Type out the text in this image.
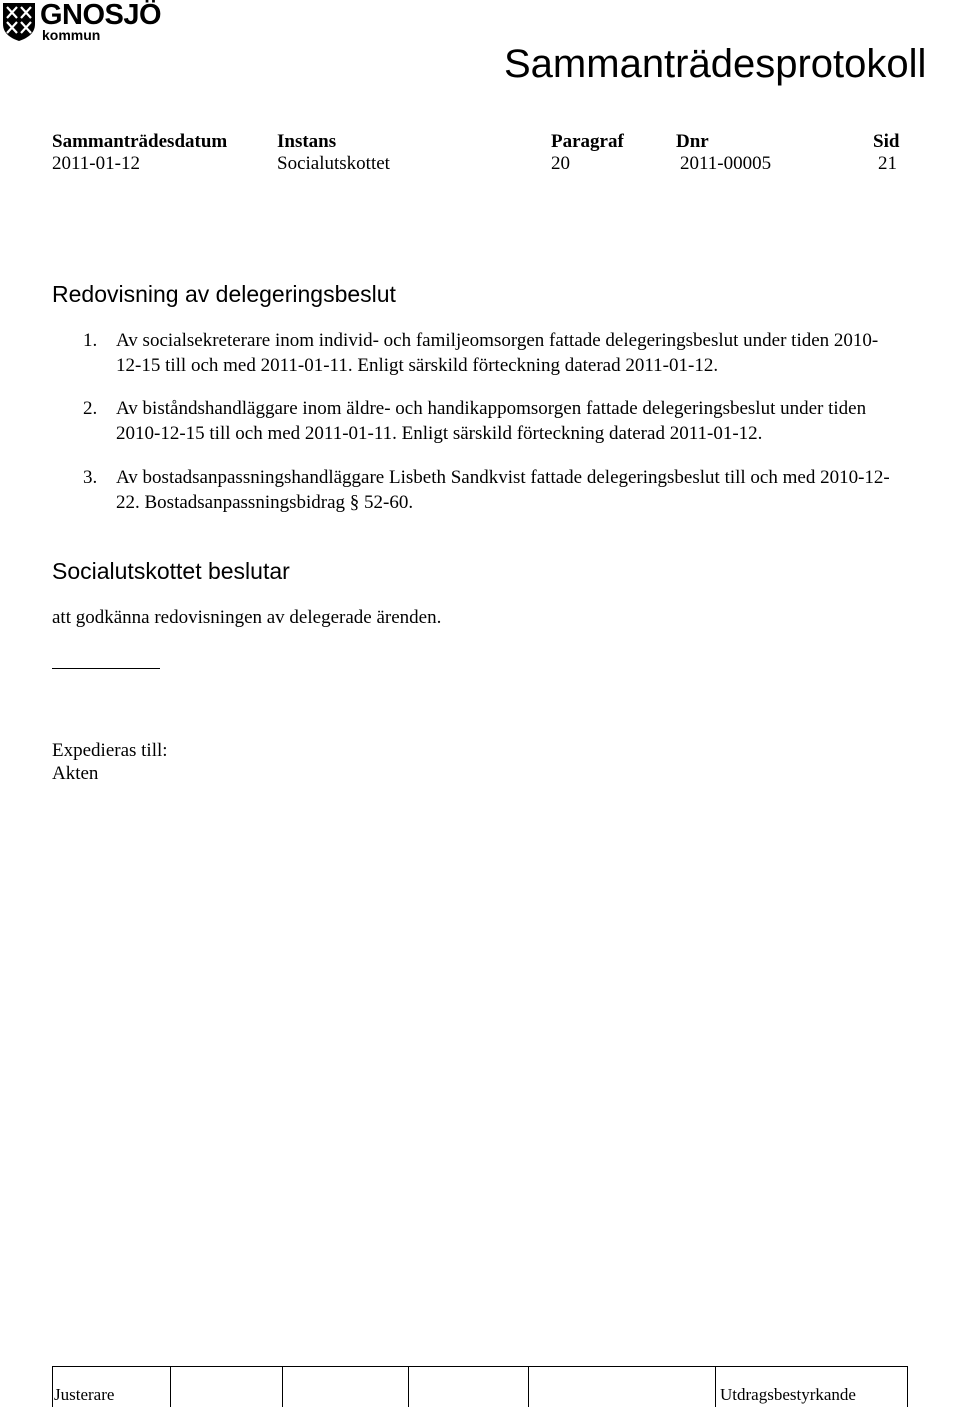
GNOSJÖ
kommun
Sammanträdesprotokoll
Sammanträdesdatum
2011-01-12
Instans
Socialutskottet
Paragraf
20
Dnr
2011-00005
Sid
21
Redovisning av delegeringsbeslut
1. Av socialsekreterare inom individ- och familjeomsorgen fattade delegeringsbeslut under tiden 2010-12-15 till och med 2011-01-11. Enligt särskild förteckning daterad 2011-01-12.
2. Av biståndshandläggare inom äldre- och handikappomsorgen fattade delegeringsbeslut under tiden 2010-12-15 till och med 2011-01-11. Enligt särskild förteckning daterad 2011-01-12.
3. Av bostadsanpassningshandläggare Lisbeth Sandkvist fattade delegeringsbeslut till och med 2010-12-22. Bostadsanpassningsbidrag § 52-60.
Socialutskottet beslutar
att godkänna redovisningen av delegerade ärenden.
Expedieras till:
Akten
Justerare	Utdragsbestyrkande
